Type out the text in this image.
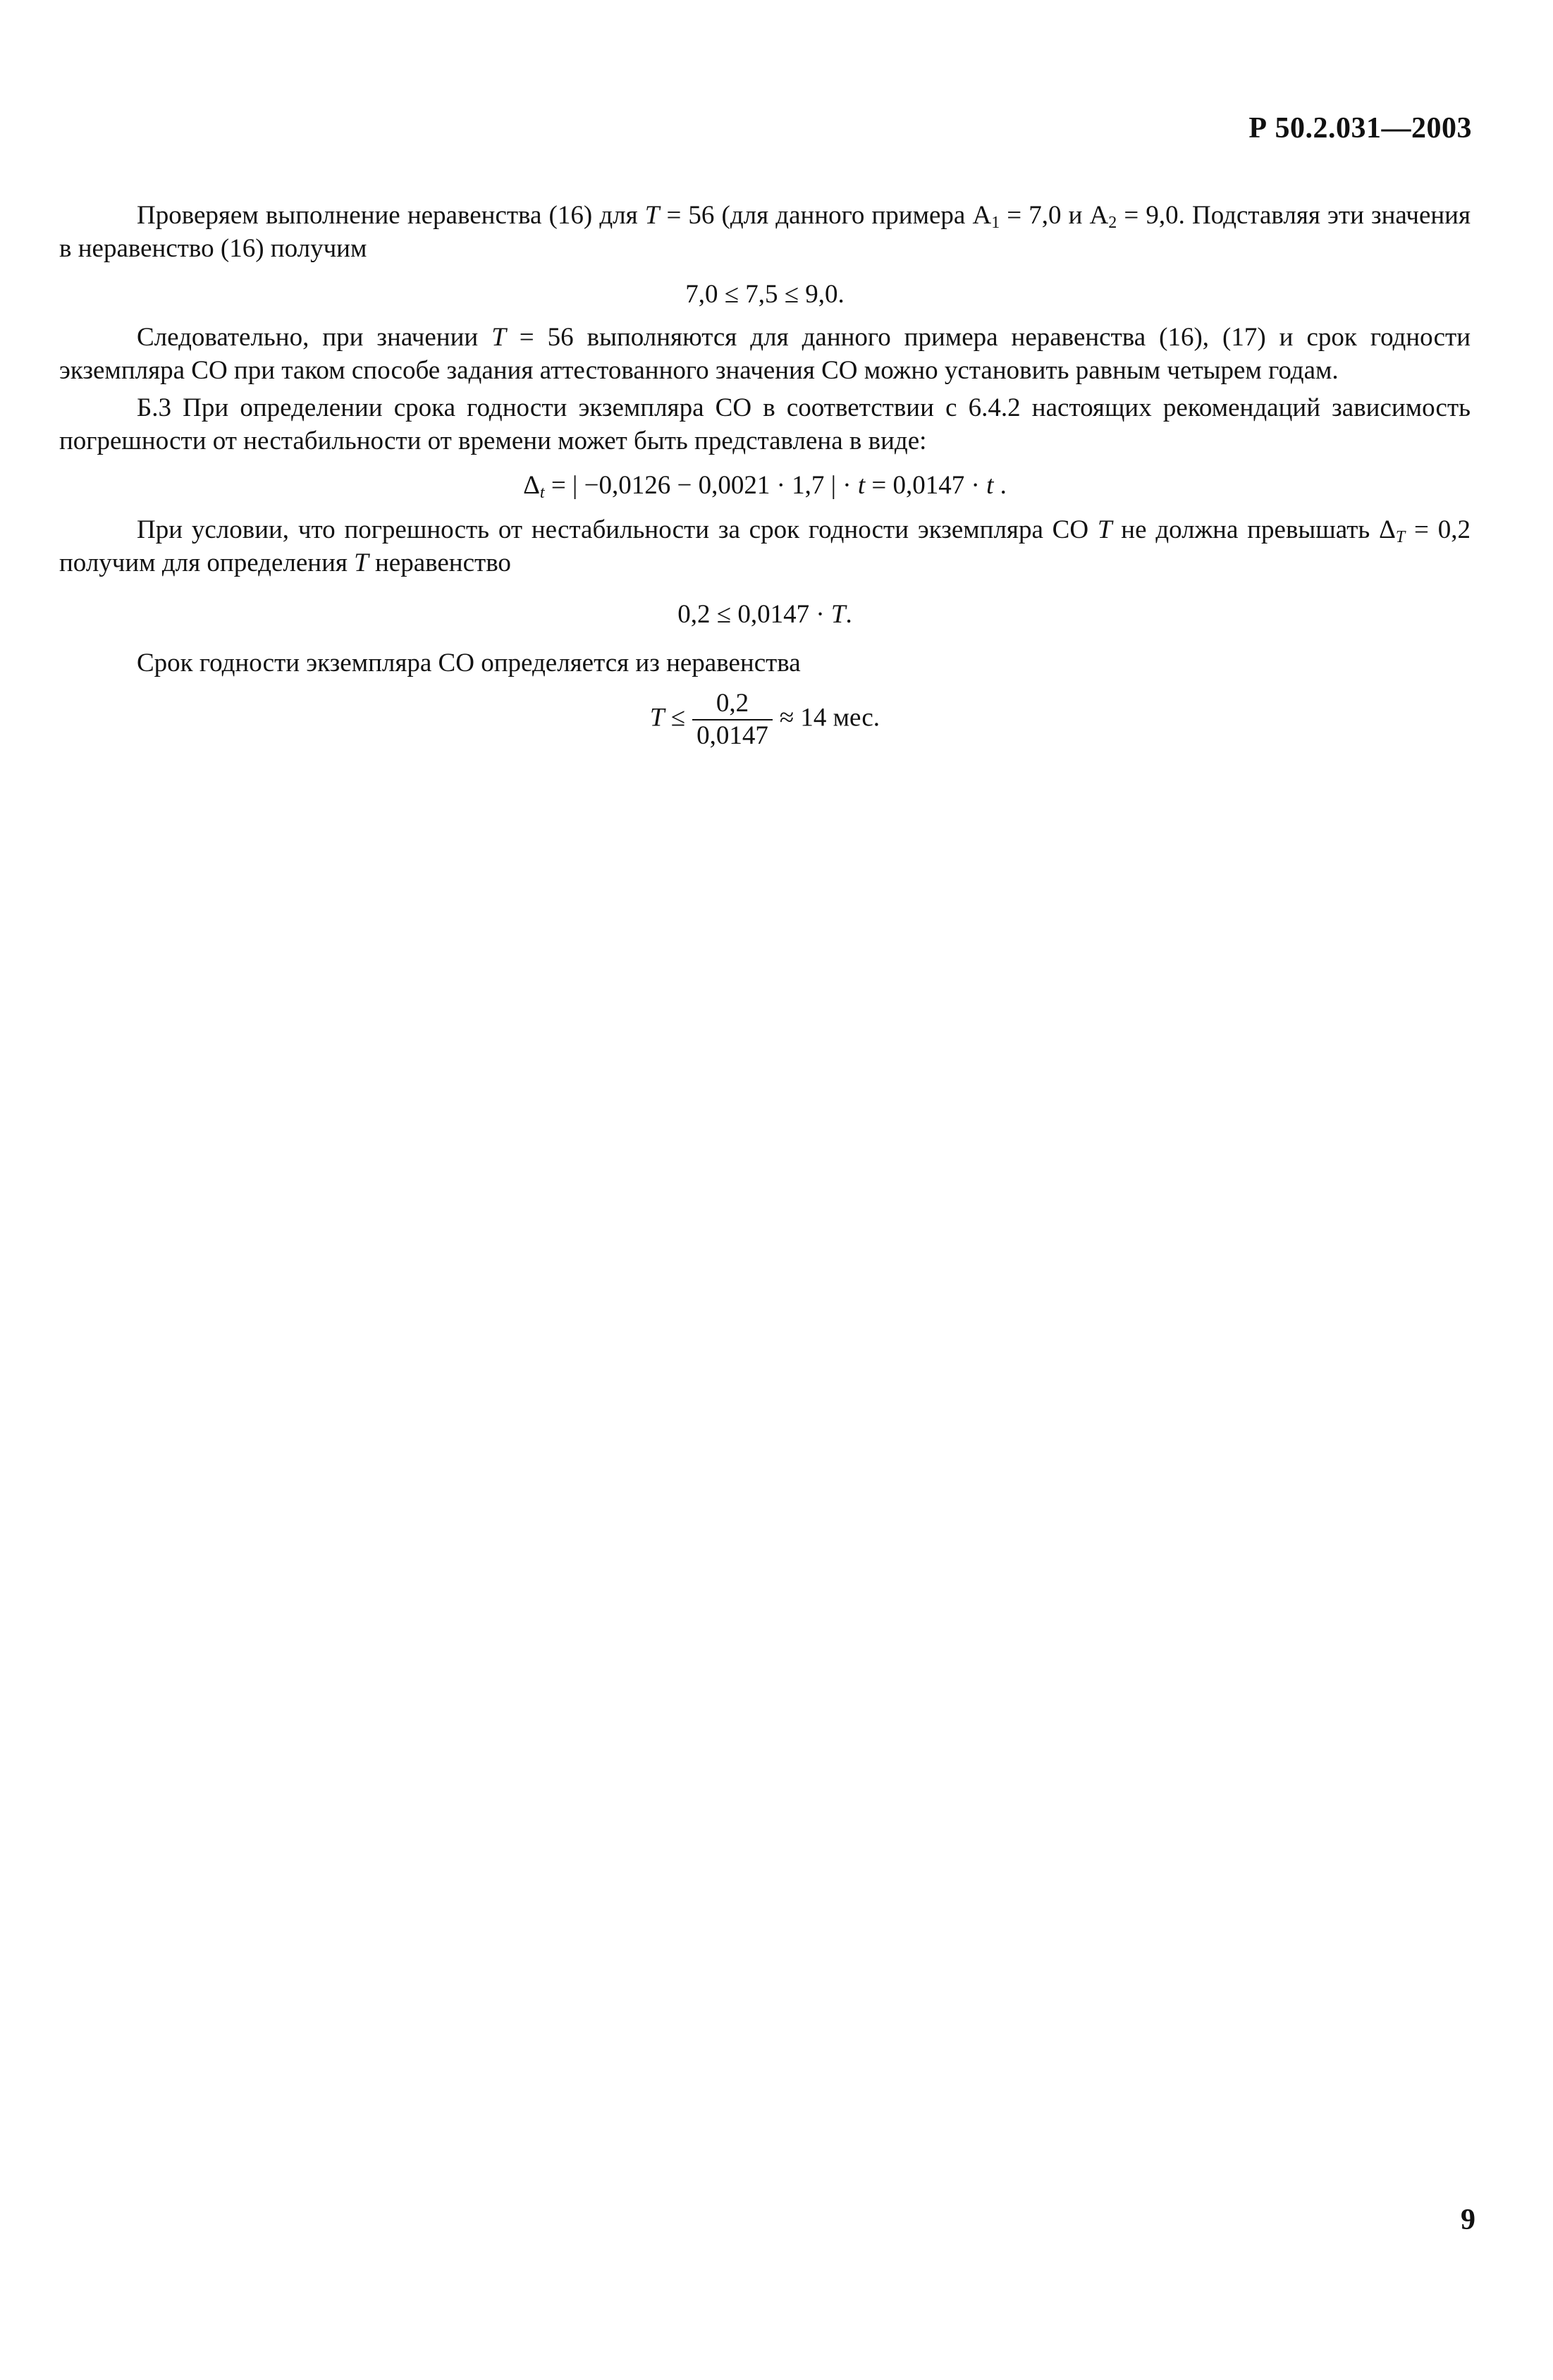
Р 50.2.031—2003

Проверяем выполнение неравенства (16) для T = 56 (для данного примера $A_1 = 7,0$ и $A_2 = 9,0$. Подставляя эти значения в неравенство (16) получим

7,0 ≤ 7,5 ≤ 9,0.

Следовательно, при значении T = 56 выполняются для данного примера неравенства (16), (17) и срок годности экземпляра СО при таком способе задания аттестованного значения СО можно установить равным четырем годам.

Б.3 При определении срока годности экземпляра СО в соответствии с 6.4.2 настоящих рекомендаций зависимость погрешности от нестабильности от времени может быть представлена в виде:

$\Delta_t$ = | −0,0126 − 0,0021 · 1,7 | · t = 0,0147 · t .

При условии, что погрешность от нестабильности за срок годности экземпляра СО T не должна превышать $\Delta_T = 0,2$ получим для определения T неравенство

0,2 ≤ 0,0147 · T.

Срок годности экземпляра СО определяется из неравенства

$T \le \frac{0,2}{0,0147} \approx 14$ мес.

9
